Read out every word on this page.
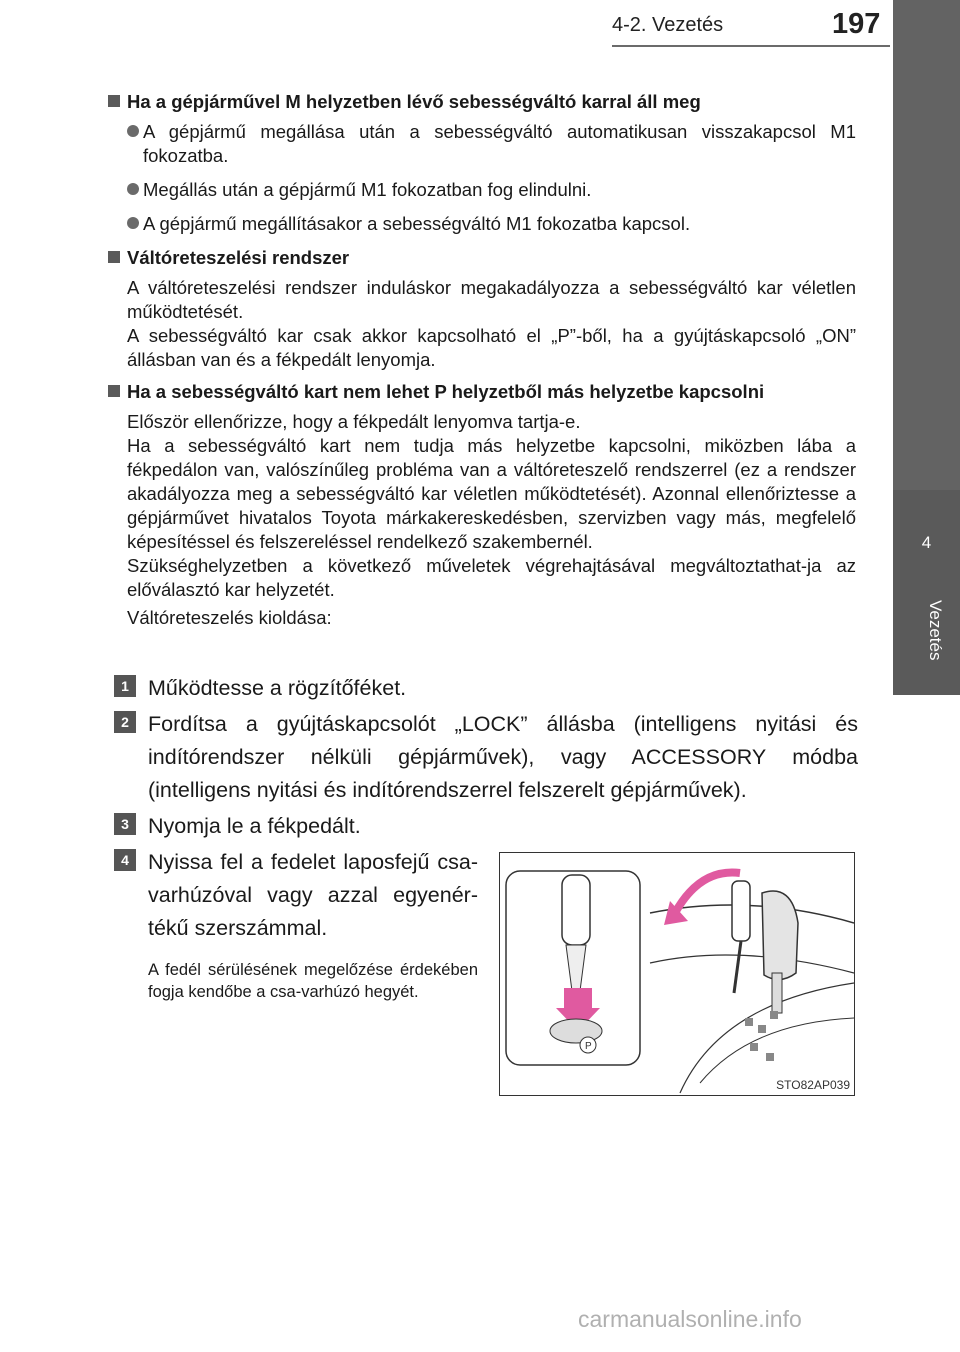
4-2. Vezetés	197
4
Vezetés
Ha a gépjárművel M helyzetben lévő sebességváltó karral áll meg
A gépjármű megállása után a sebességváltó automatikusan visszakapcsol M1 fokozatba.
Megállás után a gépjármű M1 fokozatban fog elindulni.
A gépjármű megállításakor a sebességváltó M1 fokozatba kapcsol.
Váltóreteszelési rendszer
A váltóreteszelési rendszer induláskor megakadályozza a sebességváltó kar véletlen működtetését.
A sebességváltó kar csak akkor kapcsolható el „P”-ből, ha a gyújtáskapcsoló „ON” állásban van és a fékpedált lenyomja.
Ha a sebességváltó kart nem lehet P helyzetből más helyzetbe kapcsolni
Először ellenőrizze, hogy a fékpedált lenyomva tartja-e.
Ha a sebességváltó kart nem tudja más helyzetbe kapcsolni, miközben lába a fékpedálon van, valószínűleg probléma van a váltóreteszelő rendszerrel (ez a rendszer akadályozza meg a sebességváltó kar véletlen működtetését). Azonnal ellenőriztesse a gépjárművet hivatalos Toyota márkakereskedésben, szervizben vagy más, megfelelő képesítéssel és felszereléssel rendelkező szakembernél.
Szükséghelyzetben a következő műveletek végrehajtásával megváltoztathat-ja az előválasztó kar helyzetét.
Váltóreteszelés kioldása:
1 Működtesse a rögzítőféket.
2 Fordítsa a gyújtáskapcsolót „LOCK” állásba (intelligens nyitási és indítórendszer nélküli gépjárművek), vagy ACCESSORY módba (intelligens nyitási és indítórendszerrel felszerelt gépjárművek).
3 Nyomja le a fékpedált.
4 Nyissa fel a fedelet laposfejű csa-varhúzóval vagy azzal egyenér-tékű szerszámmal.
A fedél sérülésének megelőzése érdekében fogja kendőbe a csa-varhúzó hegyét.
P
STO82AP039
carmanualsonline.info
